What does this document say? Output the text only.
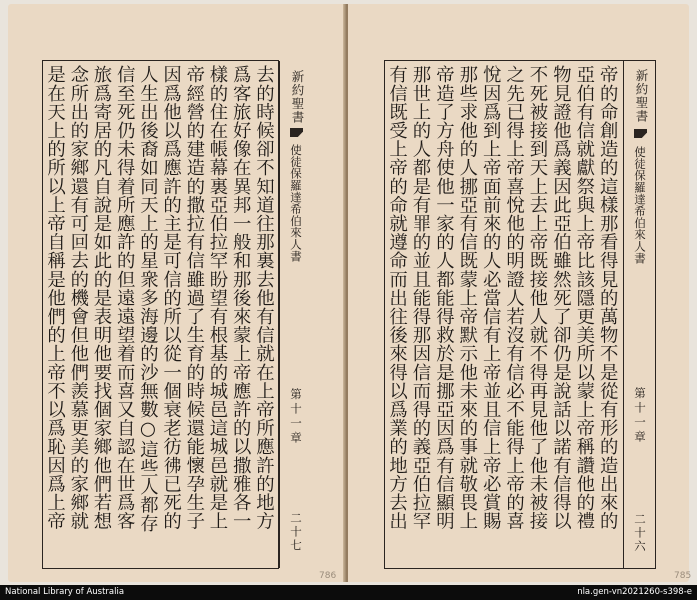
去的時候卻不知道往那裏去他有信就在上帝所應許的地方
爲客旅好像在異邦一般和那後來蒙上帝應許的以撒雅各一
樣的住在帳幕裏亞伯拉罕盼望有根基的城邑這城邑就是上
帝經營的建造的撒拉有信雖過了生育的時候還能懷孕生子
因爲他以爲應許的主是可信的所以從一個衰老彷彿已死的
人生出後裔如同天上的星衆多海邊的沙無數○這些人都存
信至死仍未得着所應許的但遠遠望着而喜又自認在世爲客
旅爲寄居的凡自說是如此的是表明他要找個家鄉他們若想
念所出的家鄉還有可回去的機會但他們羨慕更美的家鄉就
是在天上的所以上帝自稱是他們的上帝不以爲恥因爲上帝	新約聖書
使徒保羅達希伯來人書
第十一章
二十七
786
帝的命創造的這樣那看得見的萬物不是從有形的造出來的
亞伯有信就獻祭與上帝比該隱更美所以蒙上帝稱讚他的禮
物見證他爲義因此亞伯雖然死了卻仍是說話以諾有信得以
不死被接到天上去上帝既接他人就不得再見他了他未被接
之先已得上帝喜悅他的明證人若沒有信必不能得上帝的喜
悅因爲到上帝面前來的人必當信有上帝並且信上帝必賞賜
那些求他的人挪亞有信既蒙上帝默示他未來的事就敬畏上
帝造了方舟使他一家的人都能得救於是挪亞因爲有信顯明
那世上的人都是有罪的並且能得那因信而得的義亞伯拉罕
有信既受上帝的命就遵命而出往後來得以爲業的地方去出	新約聖書
使徒保羅達希伯來人書
第十一章
二十六
785
National Library of Australia	nla.gen-vn2021260-s398-e
